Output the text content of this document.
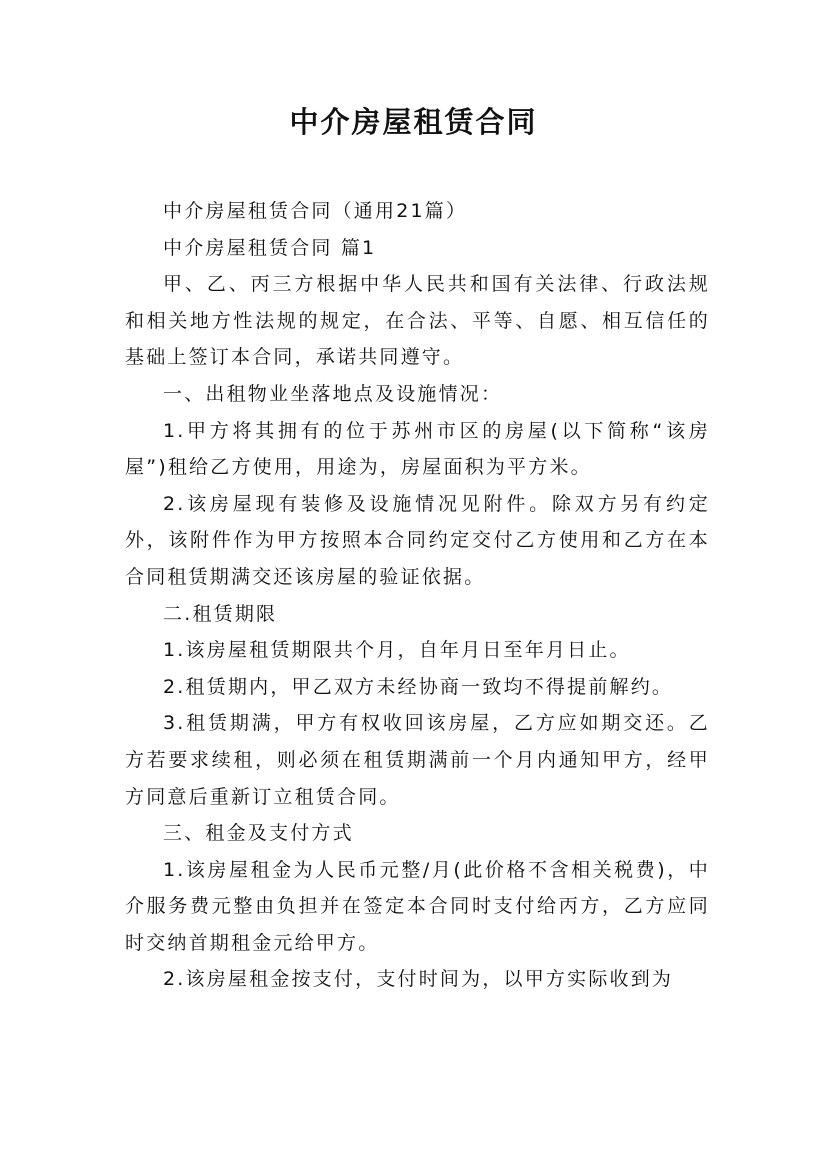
中介房屋租赁合同

中介房屋租赁合同（通用21篇）

中介房屋租赁合同 篇1

甲、乙、丙三方根据中华人民共和国有关法律、行政法规和相关地方性法规的规定，在合法、平等、自愿、相互信任的基础上签订本合同，承诺共同遵守。

一、出租物业坐落地点及设施情况：

1.甲方将其拥有的位于苏州市区的房屋(以下简称“该房屋”)租给乙方使用，用途为，房屋面积为平方米。

2.该房屋现有装修及设施情况见附件。除双方另有约定外，该附件作为甲方按照本合同约定交付乙方使用和乙方在本合同租赁期满交还该房屋的验证依据。

二.租赁期限

1.该房屋租赁期限共个月，自年月日至年月日止。

2.租赁期内，甲乙双方未经协商一致均不得提前解约。

3.租赁期满，甲方有权收回该房屋，乙方应如期交还。乙方若要求续租，则必须在租赁期满前一个月内通知甲方，经甲方同意后重新订立租赁合同。

三、租金及支付方式

1.该房屋租金为人民币元整/月(此价格不含相关税费)，中介服务费元整由负担并在签定本合同时支付给丙方，乙方应同时交纳首期租金元给甲方。

2.该房屋租金按支付，支付时间为，以甲方实际收到为
